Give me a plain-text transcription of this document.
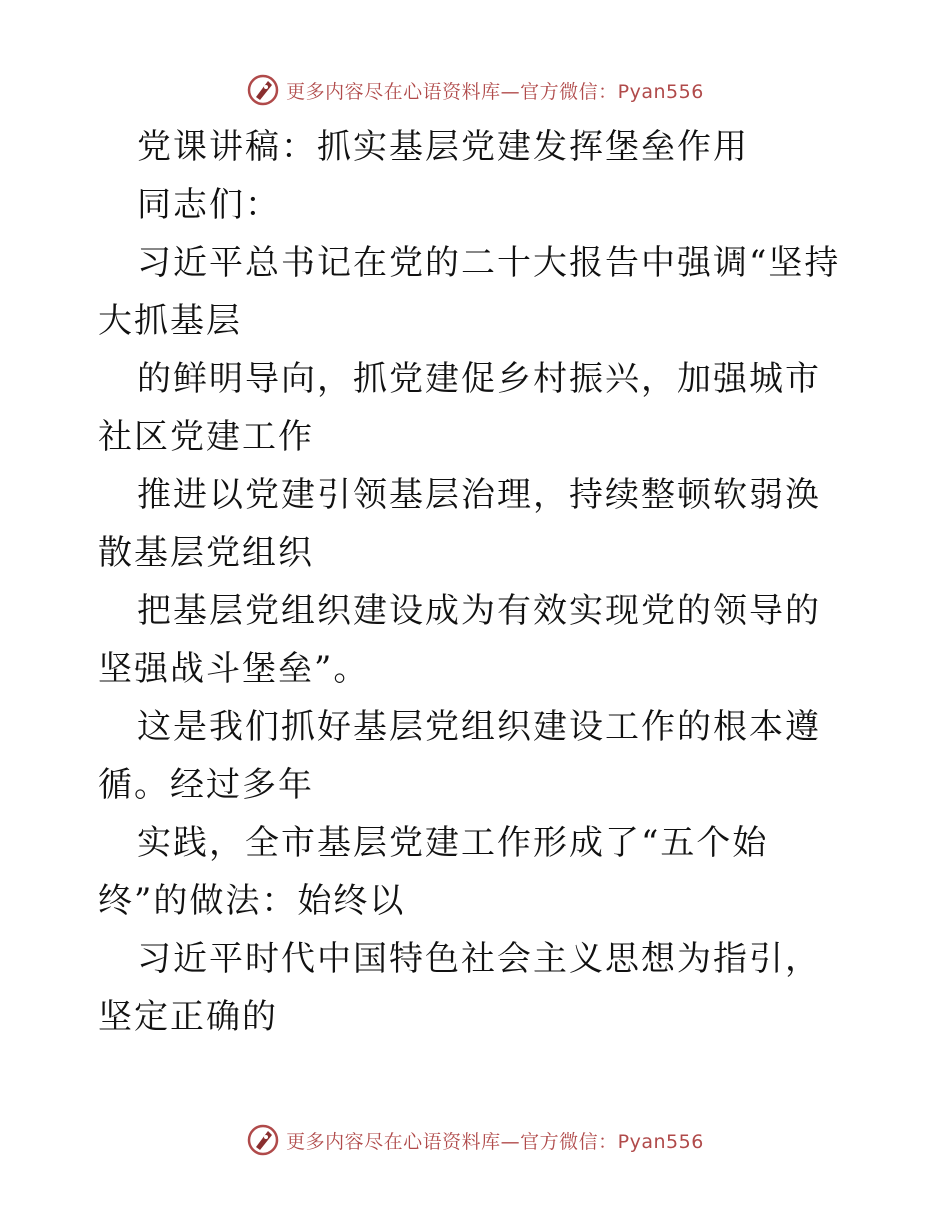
更多内容尽在心语资料库—官方微信：Pyan556

党课讲稿：抓实基层党建发挥堡垒作用

同志们：

习近平总书记在党的二十大报告中强调“坚持大抓基层

的鲜明导向，抓党建促乡村振兴，加强城市社区党建工作

推进以党建引领基层治理，持续整顿软弱涣散基层党组织

把基层党组织建设成为有效实现党的领导的坚强战斗堡垒”。

这是我们抓好基层党组织建设工作的根本遵循。经过多年

实践，全市基层党建工作形成了“五个始终”的做法：始终以

习近平时代中国特色社会主义思想为指引，坚定正确的

更多内容尽在心语资料库—官方微信：Pyan556
